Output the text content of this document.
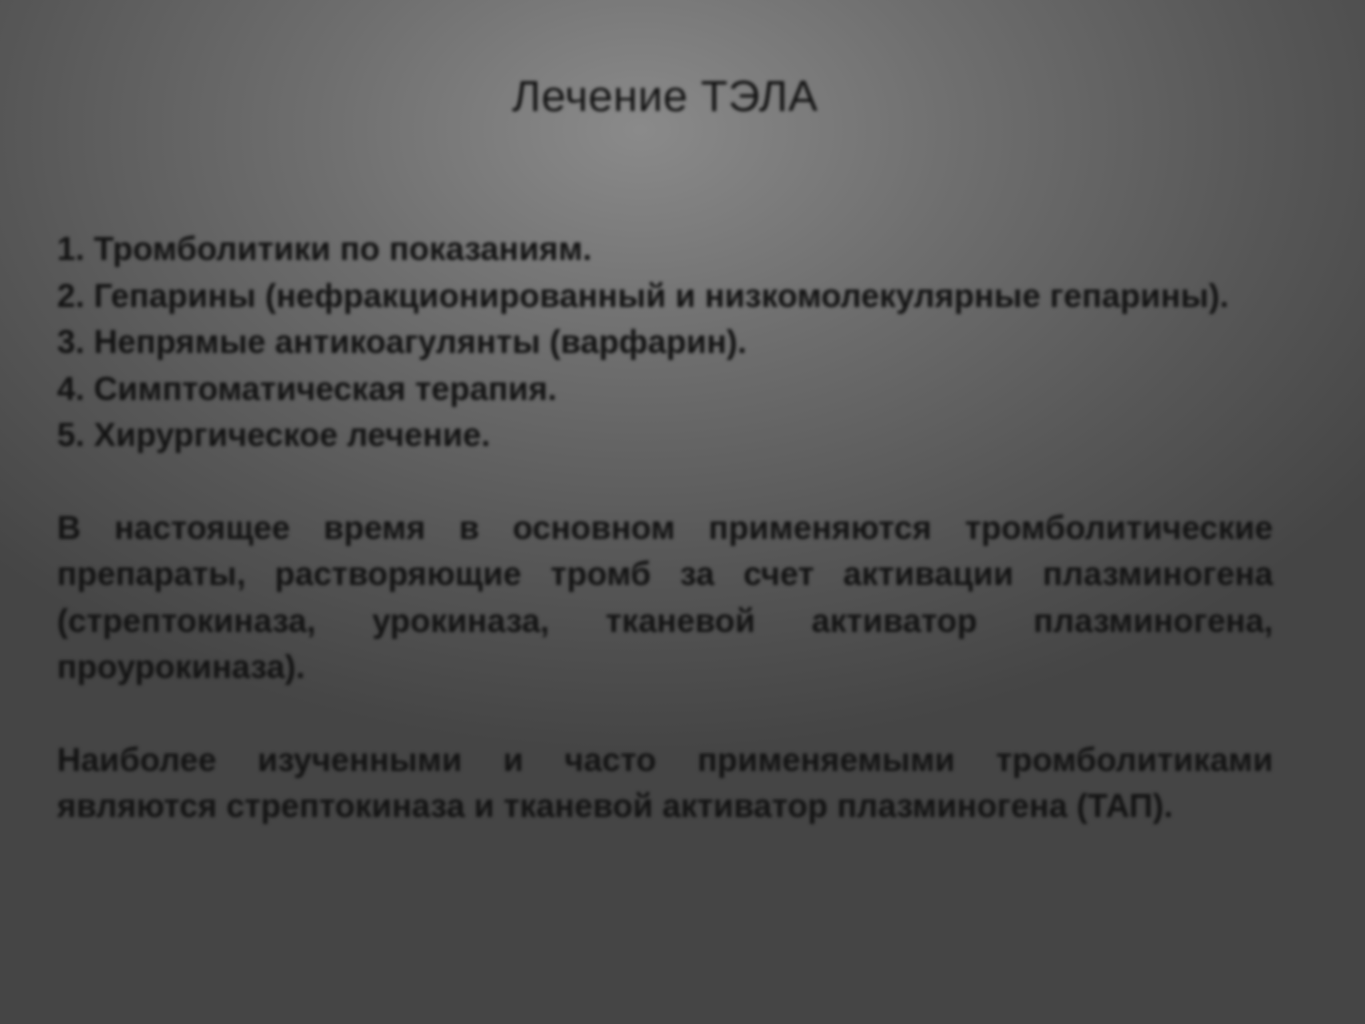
Лечение ТЭЛА
1. Тромболитики по показаниям.
2. Гепарины (нефракционированный и низкомолекулярные гепарины).
3. Непрямые антикоагулянты (варфарин).
4. Симптоматическая терапия.
5. Хирургическое лечение.

В настоящее время в основном применяются тромболитические препараты, растворяющие тромб за счет активации плазминогена (стрептокиназа, урокиназа, тканевой активатор плазминогена, проурокиназа).

Наиболее изученными и часто применяемыми тромболитиками являются стрептокиназа и тканевой активатор плазминогена (ТАП).
